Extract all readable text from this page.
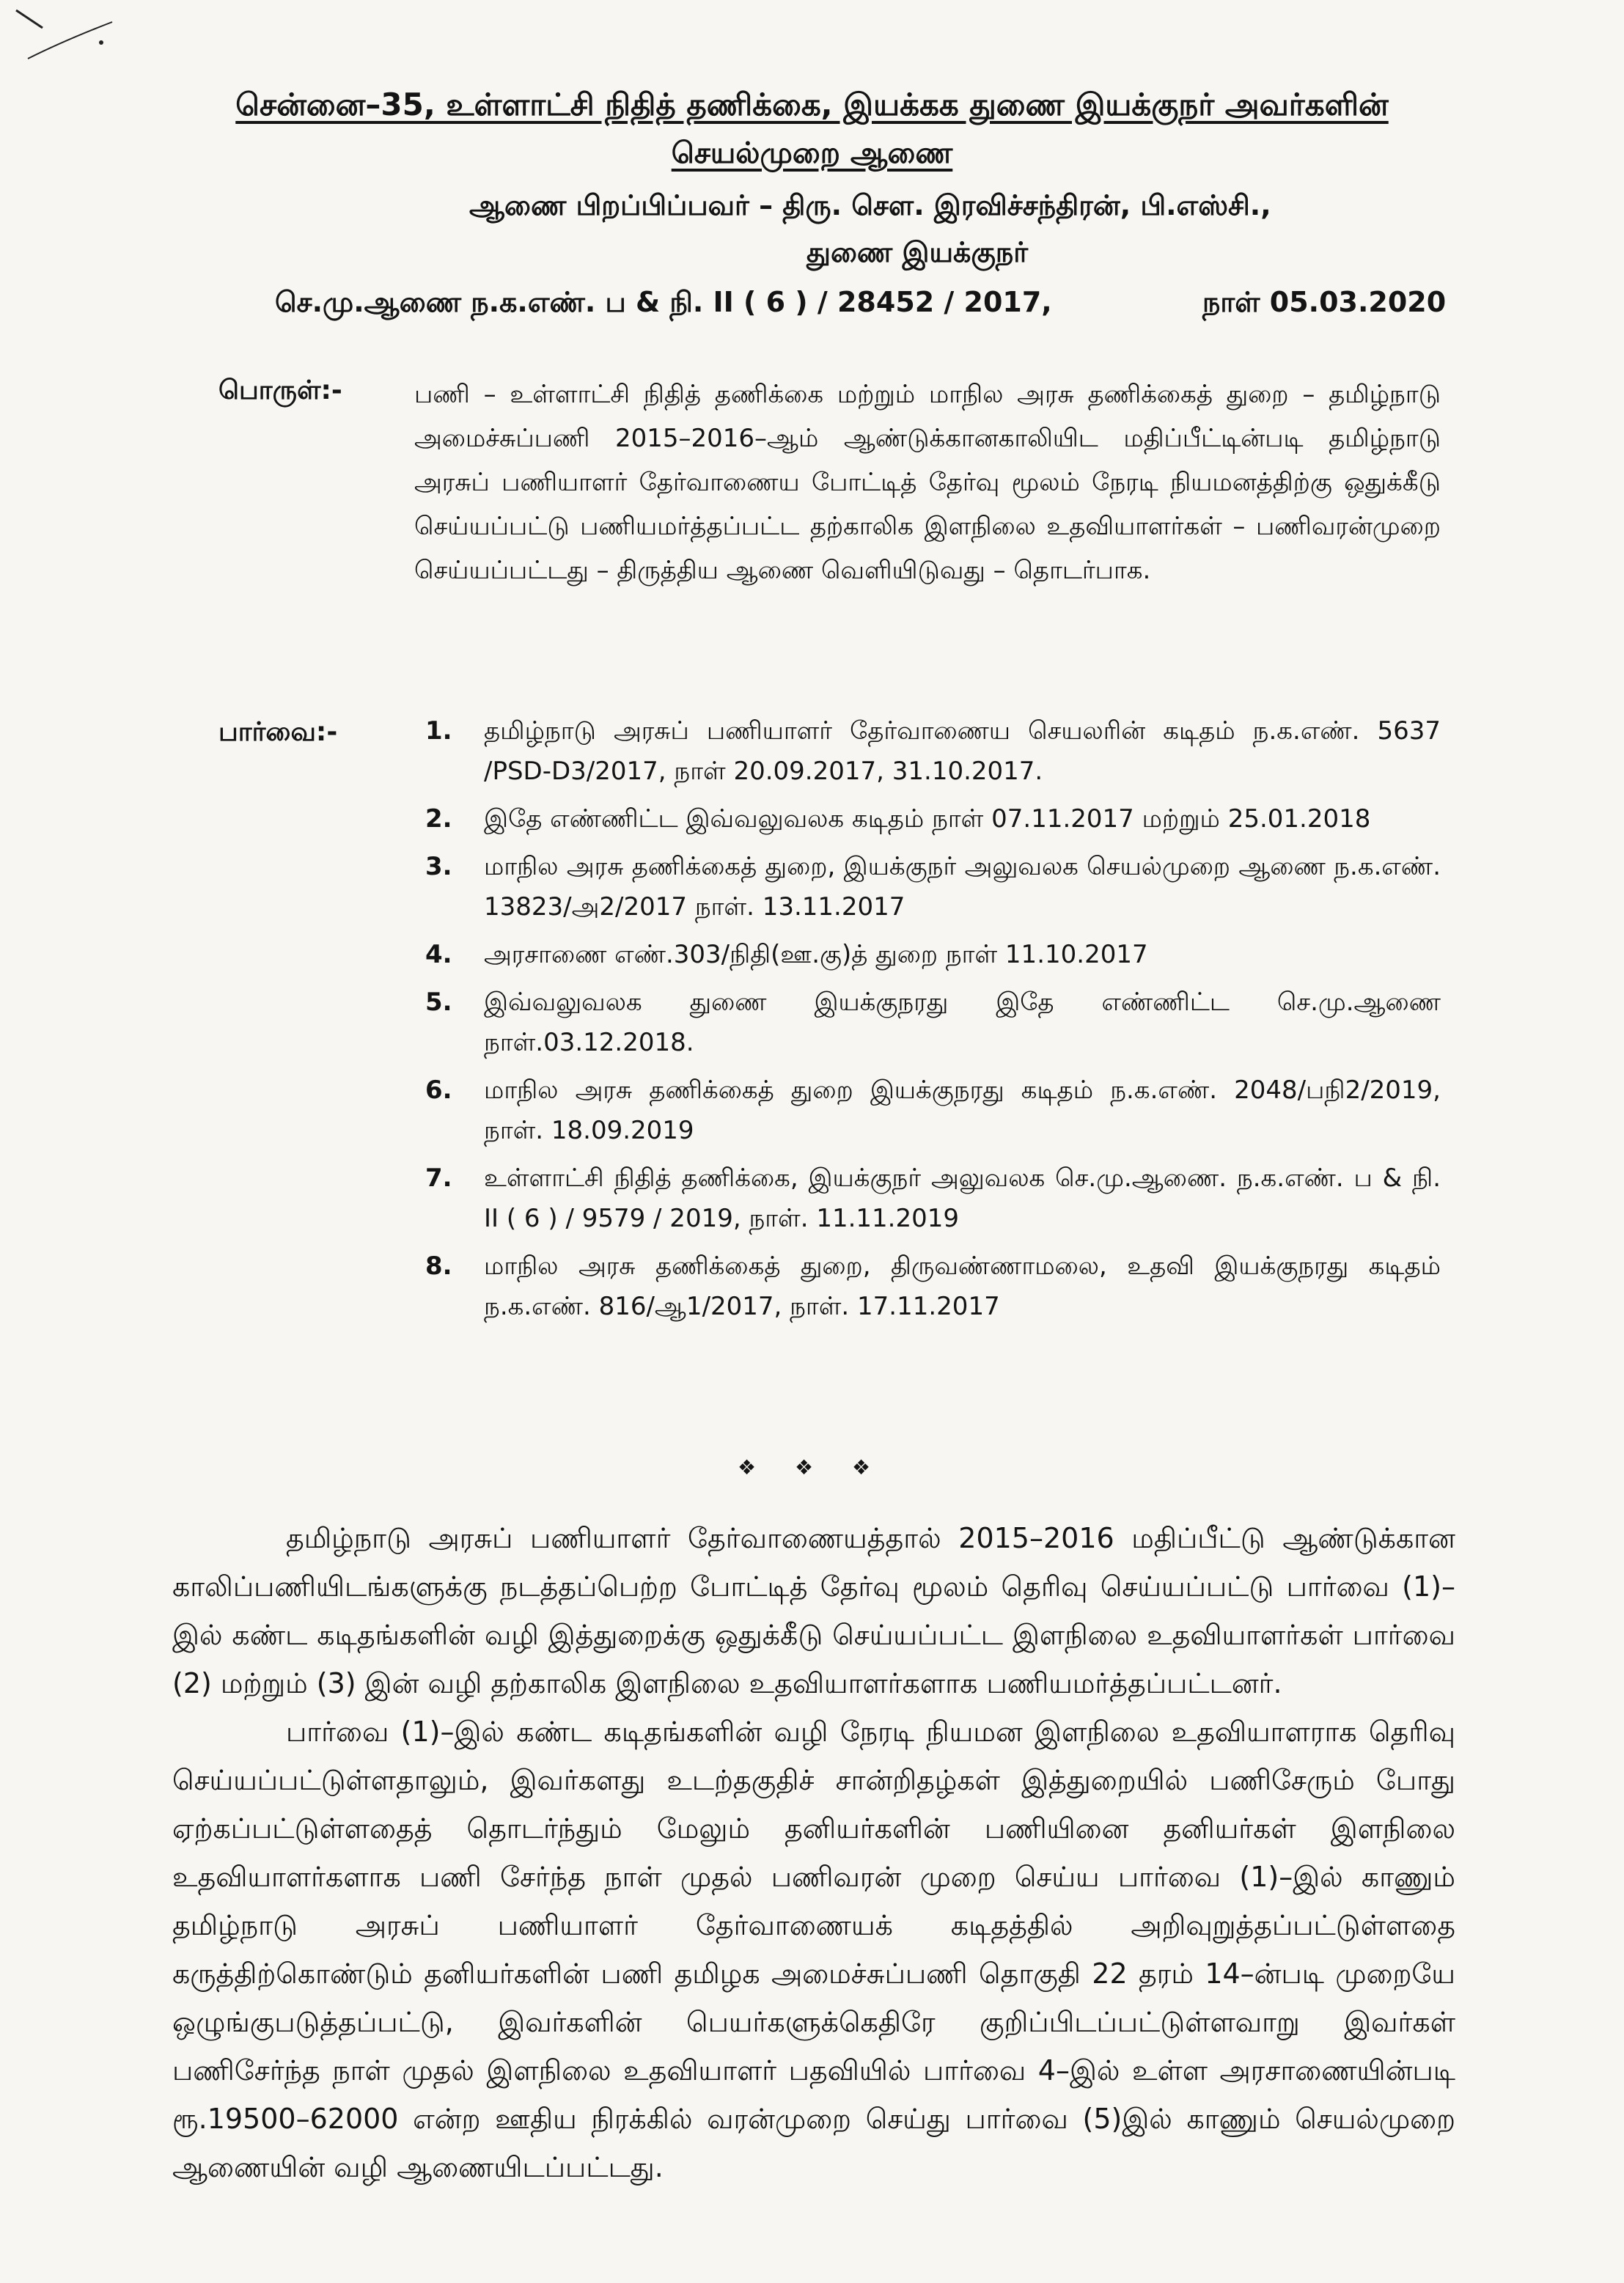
சென்னை–35, உள்ளாட்சி நிதித் தணிக்கை, இயக்கக துணை இயக்குநர் அவர்களின்
செயல்முறை ஆணை
ஆணை பிறப்பிப்பவர் – திரு. சௌ. இரவிச்சந்திரன், பி.எஸ்சி.,
துணை இயக்குநர்
செ.மு.ஆணை ந.க.எண். ப & நி. II ( 6 ) / 28452 / 2017,	நாள் 05.03.2020
பொருள்:-	பணி – உள்ளாட்சி நிதித் தணிக்கை மற்றும் மாநில அரசு தணிக்கைத் துறை – தமிழ்நாடு அமைச்சுப்பணி 2015–2016–ஆம் ஆண்டுக்கானகாலியிட மதிப்பீட்டின்படி தமிழ்நாடு அரசுப் பணியாளர் தேர்வாணைய போட்டித் தேர்வு மூலம் நேரடி நியமனத்திற்கு ஒதுக்கீடு செய்யப்பட்டு பணியமர்த்தப்பட்ட தற்காலிக இளநிலை உதவியாளர்கள் – பணிவரன்முறை செய்யப்பட்டது – திருத்திய ஆணை வெளியிடுவது – தொடர்பாக.
பார்வை:-	1. தமிழ்நாடு அரசுப் பணியாளர் தேர்வாணைய செயலரின் கடிதம் ந.க.எண். 5637 /PSD-D3/2017, நாள் 20.09.2017, 31.10.2017.
2. இதே எண்ணிட்ட இவ்வலுவலக கடிதம் நாள் 07.11.2017 மற்றும் 25.01.2018
3. மாநில அரசு தணிக்கைத் துறை, இயக்குநர் அலுவலக செயல்முறை ஆணை ந.க.எண். 13823/அ2/2017 நாள். 13.11.2017
4. அரசாணை எண்.303/நிதி(ஊ.கு)த் துறை நாள் 11.10.2017
5. இவ்வலுவலக துணை இயக்குநரது இதே எண்ணிட்ட செ.மு.ஆணை நாள்.03.12.2018.
6. மாநில அரசு தணிக்கைத் துறை இயக்குநரது கடிதம் ந.க.எண். 2048/பநி2/2019, நாள். 18.09.2019
7. உள்ளாட்சி நிதித் தணிக்கை, இயக்குநர் அலுவலக செ.மு.ஆணை. ந.க.எண். ப & நி. II ( 6 ) / 9579 / 2019, நாள். 11.11.2019
8. மாநில அரசு தணிக்கைத் துறை, திருவண்ணாமலை, உதவி இயக்குநரது கடிதம் ந.க.எண். 816/ஆ1/2017, நாள். 17.11.2017
❖ ❖ ❖

தமிழ்நாடு அரசுப் பணியாளர் தேர்வாணையத்தால் 2015–2016 மதிப்பீட்டு ஆண்டுக்கான காலிப்பணியிடங்களுக்கு நடத்தப்பெற்ற போட்டித் தேர்வு மூலம் தெரிவு செய்யப்பட்டு பார்வை (1)–இல் கண்ட கடிதங்களின் வழி இத்துறைக்கு ஒதுக்கீடு செய்யப்பட்ட இளநிலை உதவியாளர்கள் பார்வை (2) மற்றும் (3) இன் வழி தற்காலிக இளநிலை உதவியாளர்களாக பணியமர்த்தப்பட்டனர்.

பார்வை (1)–இல் கண்ட கடிதங்களின் வழி நேரடி நியமன இளநிலை உதவியாளராக தெரிவு செய்யப்பட்டுள்ளதாலும், இவர்களது உடற்தகுதிச் சான்றிதழ்கள் இத்துறையில் பணிசேரும் போது ஏற்கப்பட்டுள்ளதைத் தொடர்ந்தும் மேலும் தனியர்களின் பணியினை தனியர்கள் இளநிலை உதவியாளர்களாக பணி சேர்ந்த நாள் முதல் பணிவரன் முறை செய்ய பார்வை (1)–இல் காணும் தமிழ்நாடு அரசுப் பணியாளர் தேர்வாணையக் கடிதத்தில் அறிவுறுத்தப்பட்டுள்ளதை கருத்திற்கொண்டும் தனியர்களின் பணி தமிழக அமைச்சுப்பணி தொகுதி 22 தரம் 14–ன்படி முறையே ஒழுங்குபடுத்தப்பட்டு, இவர்களின் பெயர்களுக்கெதிரே குறிப்பிடப்பட்டுள்ளவாறு இவர்கள் பணிசேர்ந்த நாள் முதல் இளநிலை உதவியாளர் பதவியில் பார்வை 4–இல் உள்ள அரசாணையின்படி ரூ.19500–62000 என்ற ஊதிய நிரக்கில் வரன்முறை செய்து பார்வை (5)இல் காணும் செயல்முறை ஆணையின் வழி ஆணையிடப்பட்டது.
